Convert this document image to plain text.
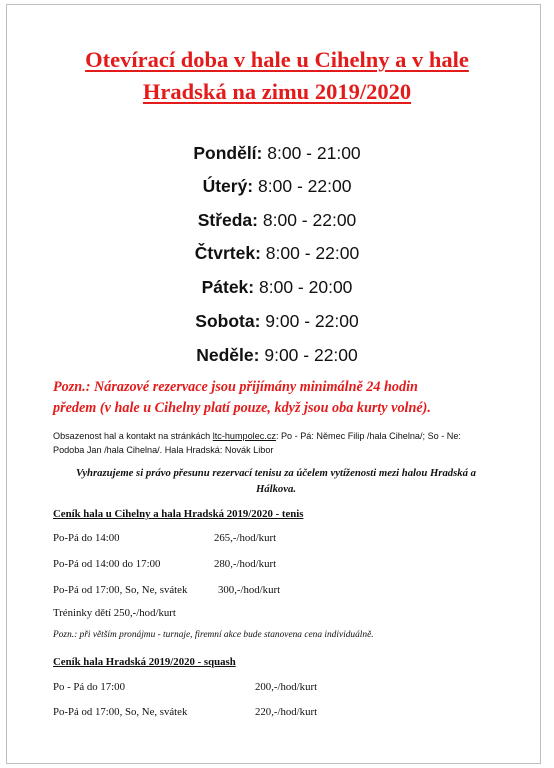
Otevírací doba v hale u Cihelny a v hale
Hradská na zimu 2019/2020
Pondělí: 8:00 - 21:00
Úterý: 8:00 - 22:00
Středa: 8:00 - 22:00
Čtvrtek: 8:00 - 22:00
Pátek: 8:00 - 20:00
Sobota: 9:00 - 22:00
Neděle: 9:00 - 22:00
Pozn.: Nárazové rezervace jsou přijímány minimálně 24 hodin
předem (v hale u Cihelny platí pouze, když jsou oba kurty volné).
Obsazenost hal a kontakt na stránkách ltc-humpolec.cz: Po - Pá: Němec Filip /hala Cihelna/; So - Ne:
Podoba Jan /hala Cihelna/. Hala Hradská: Novák Libor
Vyhrazujeme si právo přesunu rezervací tenisu za účelem vytíženosti mezi halou Hradská a
Hálkova.
Ceník hala u Cihelny a hala Hradská 2019/2020 - tenis
Po-Pá do 14:00	265,-/hod/kurt
Po-Pá od 14:00 do 17:00	280,-/hod/kurt
Po-Pá od 17:00, So, Ne, svátek	300,-/hod/kurt
Tréninky dětí 250,-/hod/kurt
Pozn.: při větším pronájmu - turnaje, firemní akce bude stanovena cena individuálně.
Ceník hala Hradská 2019/2020 - squash
Po - Pá do 17:00	200,-/hod/kurt
Po-Pá od 17:00, So, Ne, svátek	220,-/hod/kurt
